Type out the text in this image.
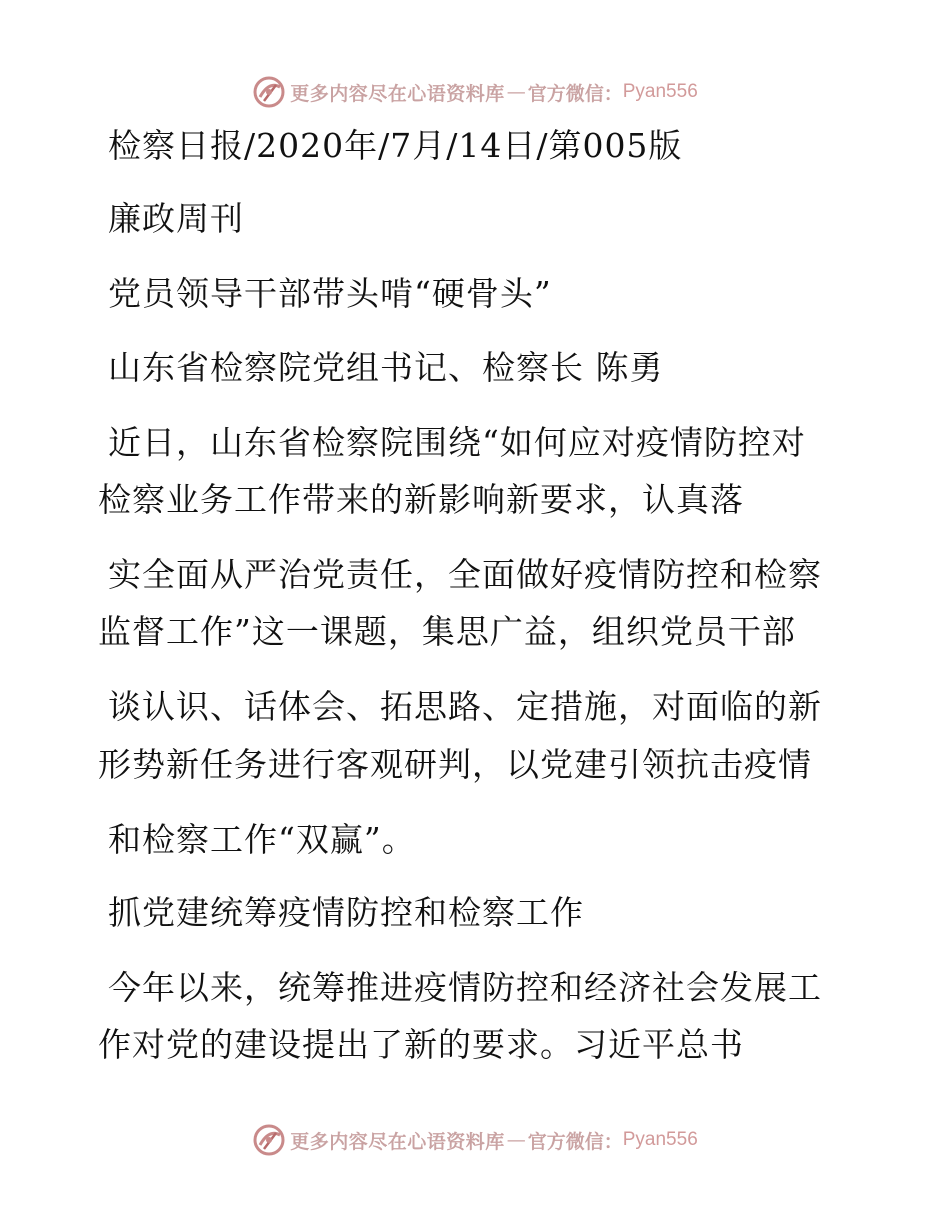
更多内容尽在心语资料库 — 官方微信： Pyan556
检察日报/2020年/7月/14日/第005版
廉政周刊
党员领导干部带头啃“硬骨头”
山东省检察院党组书记、检察长 陈勇
近日，山东省检察院围绕“如何应对疫情防控对
检察业务工作带来的新影响新要求，认真落
实全面从严治党责任，全面做好疫情防控和检察
监督工作”这一课题，集思广益，组织党员干部
谈认识、话体会、拓思路、定措施，对面临的新
形势新任务进行客观研判，以党建引领抗击疫情
和检察工作“双赢”。
抓党建统筹疫情防控和检察工作
今年以来，统筹推进疫情防控和经济社会发展工
作对党的建设提出了新的要求。习近平总书
更多内容尽在心语资料库 — 官方微信： Pyan556
